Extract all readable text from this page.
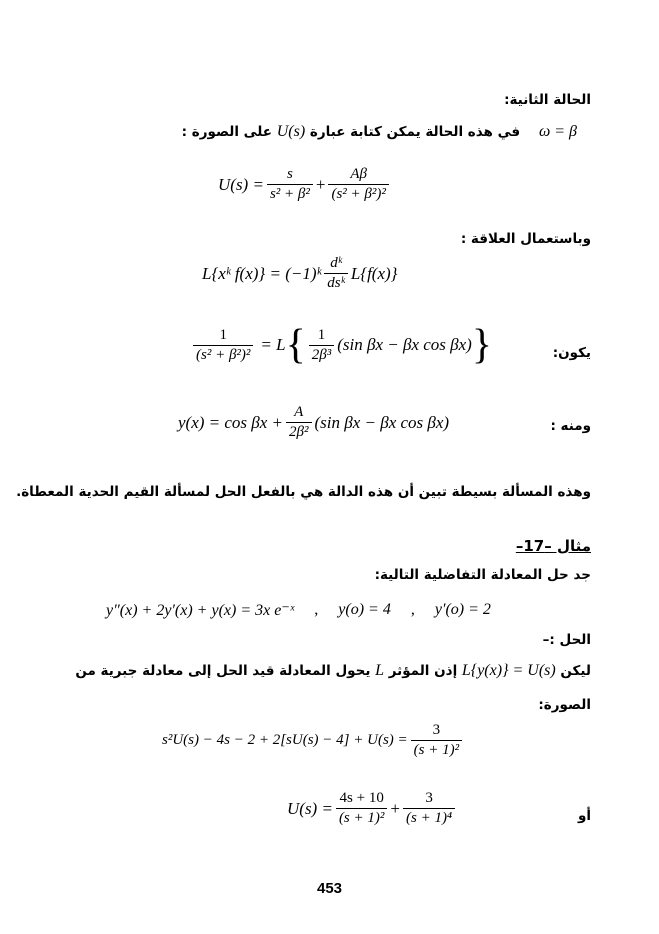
الحالة الثانية:
ω = β    في هذه الحالة يمكن كتابة عبارة U(s) على الصورة :
$U(s) = \frac{s}{\text{s² + β²}} + \frac{A\beta}{\text{(s² + β²)²}}$
وباستعمال العلاقة :
L{xᵏ f(x)} = (−1)ᵏ $\frac{\text{dᵏ}}{\text{dsᵏ}} L\{f(x)\}$
يكون:
$\frac{1}{\text{(s² + β²)²}} = L$ { $\frac{1}{\text{2β³}} (\sin$ βx − βx cos βx) }
ومنه :
$y(x) = \cos \beta x + \frac{A}{\text{2β²}} (\sin$ βx − βx cos βx)
وهذه المسألة بسيطة تبين أن هذه الدالة هي بالفعل الحل لمسألة القيم الحدية المعطاة.
مثال –17–
جد حل المعادلة التفاضلية التالية:
y″(x) + 2y′(x) + y(x) = 3x e⁻ˣ , y(o) = 4 , y′(o) = 2
الحل :–
ليكن L{y(x)} = U(s) إذن المؤثر L يحول المعادلة قيد الحل إلى معادلة جبرية من
الصورة:
$s^2U(s) - 4s - 2 + 2[sU(s) - 4] + U(s) = \frac{3}{\text{(s + 1)²}}$
أو
$U(s) = \frac{4s + 10}{\text{(s + 1)²}} + \frac{3}{\text{(s + 1)⁴}}$
453
